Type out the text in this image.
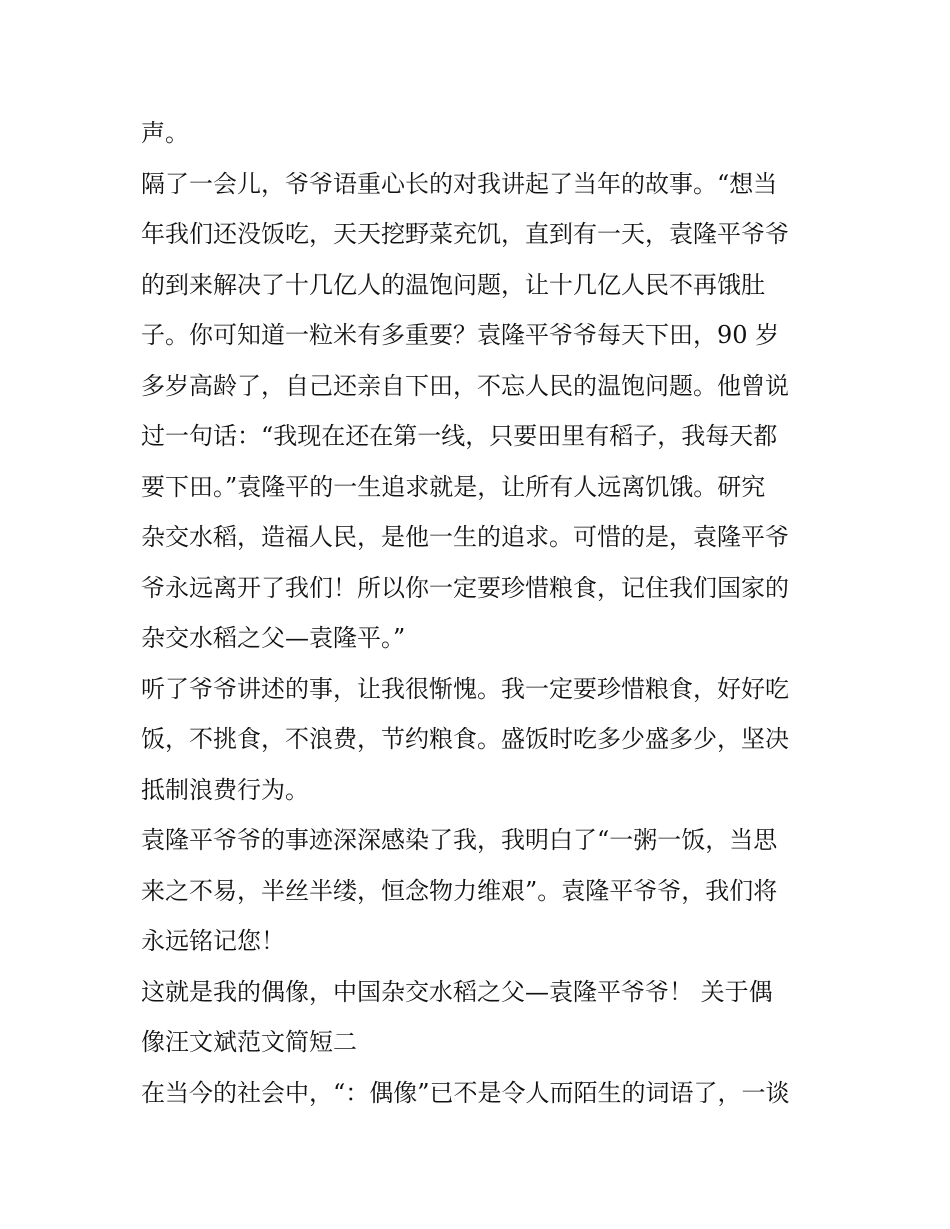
声。
隔了一会儿，爷爷语重心长的对我讲起了当年的故事。“想当
年我们还没饭吃，天天挖野菜充饥，直到有一天，袁隆平爷爷
的到来解决了十几亿人的温饱问题，让十几亿人民不再饿肚
子。你可知道一粒米有多重要？袁隆平爷爷每天下田，90 岁
多岁高龄了，自己还亲自下田，不忘人民的温饱问题。他曾说
过一句话：“我现在还在第一线，只要田里有稻子，我每天都
要下田。”袁隆平的一生追求就是，让所有人远离饥饿。研究
杂交水稻，造福人民，是他一生的追求。可惜的是，袁隆平爷
爷永远离开了我们！所以你一定要珍惜粮食，记住我们国家的
杂交水稻之父—袁隆平。”
听了爷爷讲述的事，让我很惭愧。我一定要珍惜粮食，好好吃
饭，不挑食，不浪费，节约粮食。盛饭时吃多少盛多少，坚决
抵制浪费行为。
袁隆平爷爷的事迹深深感染了我，我明白了“一粥一饭，当思
来之不易，半丝半缕，恒念物力维艰”。袁隆平爷爷，我们将
永远铭记您！
这就是我的偶像，中国杂交水稻之父—袁隆平爷爷！ 关于偶
像汪文斌范文简短二
在当今的社会中，“：偶像”已不是令人而陌生的词语了，一谈
